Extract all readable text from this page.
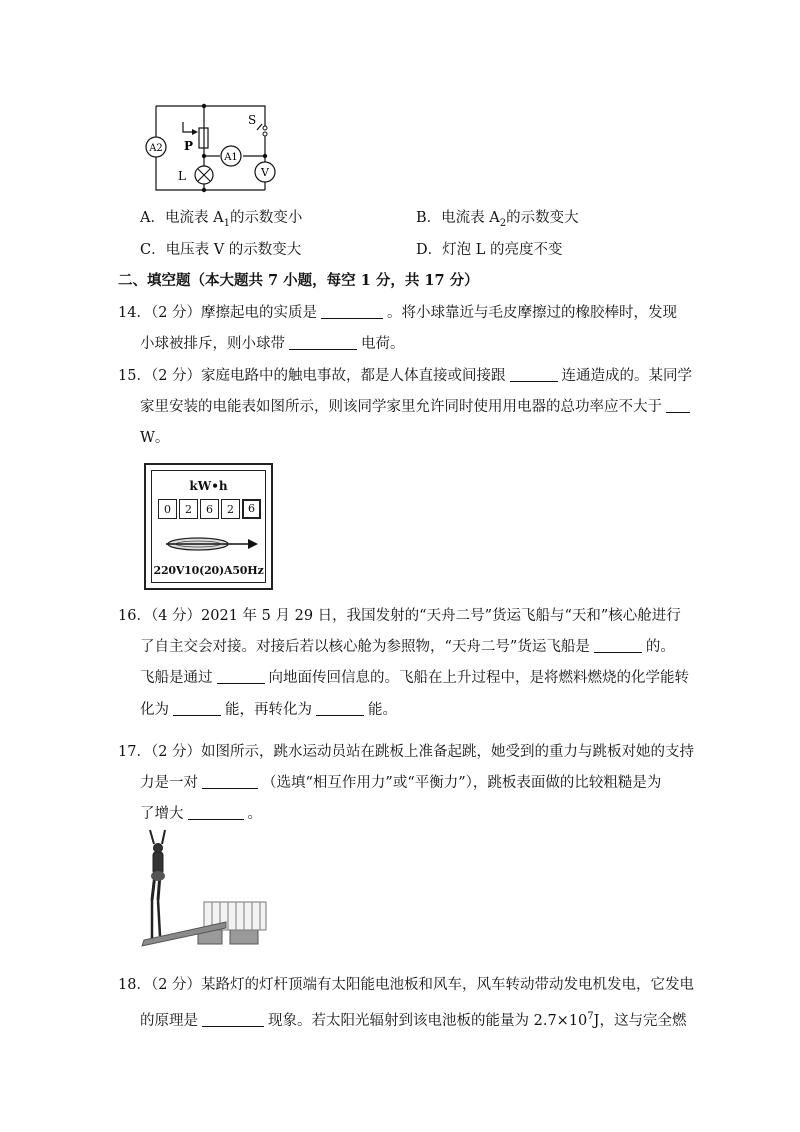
A2
A1
V
P
S
L
A．电流表 $A_1$的示数变小	B．电流表 $A_2$的示数变大
C．电压表 V 的示数变大	D．灯泡 L 的亮度不变
二、填空题（本大题共 7 小题，每空 1 分，共 17 分）
14．（2 分）摩擦起电的实质是	。将小球靠近与毛皮摩擦过的橡胶棒时，发现
小球被排斥，则小球带	电荷。
15．（2 分）家庭电路中的触电事故，都是人体直接或间接跟	连通造成的。某同学
家里安装的电能表如图所示，则该同学家里允许同时使用用电器的总功率应不大于
W。
kW•h
0	2	6	2	6
220V10(20)A50Hz
16．（4 分）2021 年 5 月 29 日，我国发射的“天舟二号”货运飞船与“天和”核心舱进行
了自主交会对接。对接后若以核心舱为参照物，“天舟二号”货运飞船是	的。
飞船是通过	向地面传回信息的。飞船在上升过程中，是将燃料燃烧的化学能转
化为	能，再转化为	能。
17．（2 分）如图所示，跳水运动员站在跳板上准备起跳，她受到的重力与跳板对她的支持
力是一对	（选填“相互作用力”或“平衡力”），跳板表面做的比较粗糙是为
了增大	。
18．（2 分）某路灯的灯杆顶端有太阳能电池板和风车，风车转动带动发电机发电，它发电
的原理是	现象。若太阳光辐射到该电池板的能量为 $2.7\times 10^7J$，这与完全燃
